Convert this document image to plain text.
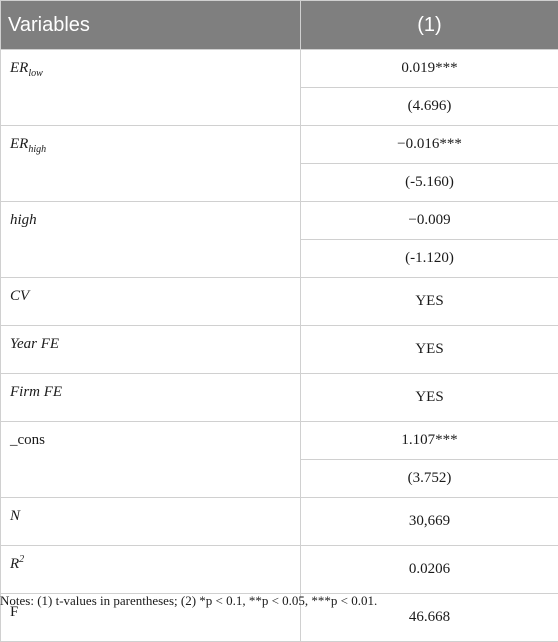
Variables	(1)
$ER_{low}$	0.019***
	(4.696)
$ER_{high}$	−0.016***
	(-5.160)
high	−0.009
	(-1.120)
CV	YES
Year FE	YES
Firm FE	YES
_cons	1.107***
	(3.752)
N	30,669
$R^2$	0.0206
F	46.668
Notes: (1) t-values in parentheses; (2) *p < 0.1, **p < 0.05, ***p < 0.01.
